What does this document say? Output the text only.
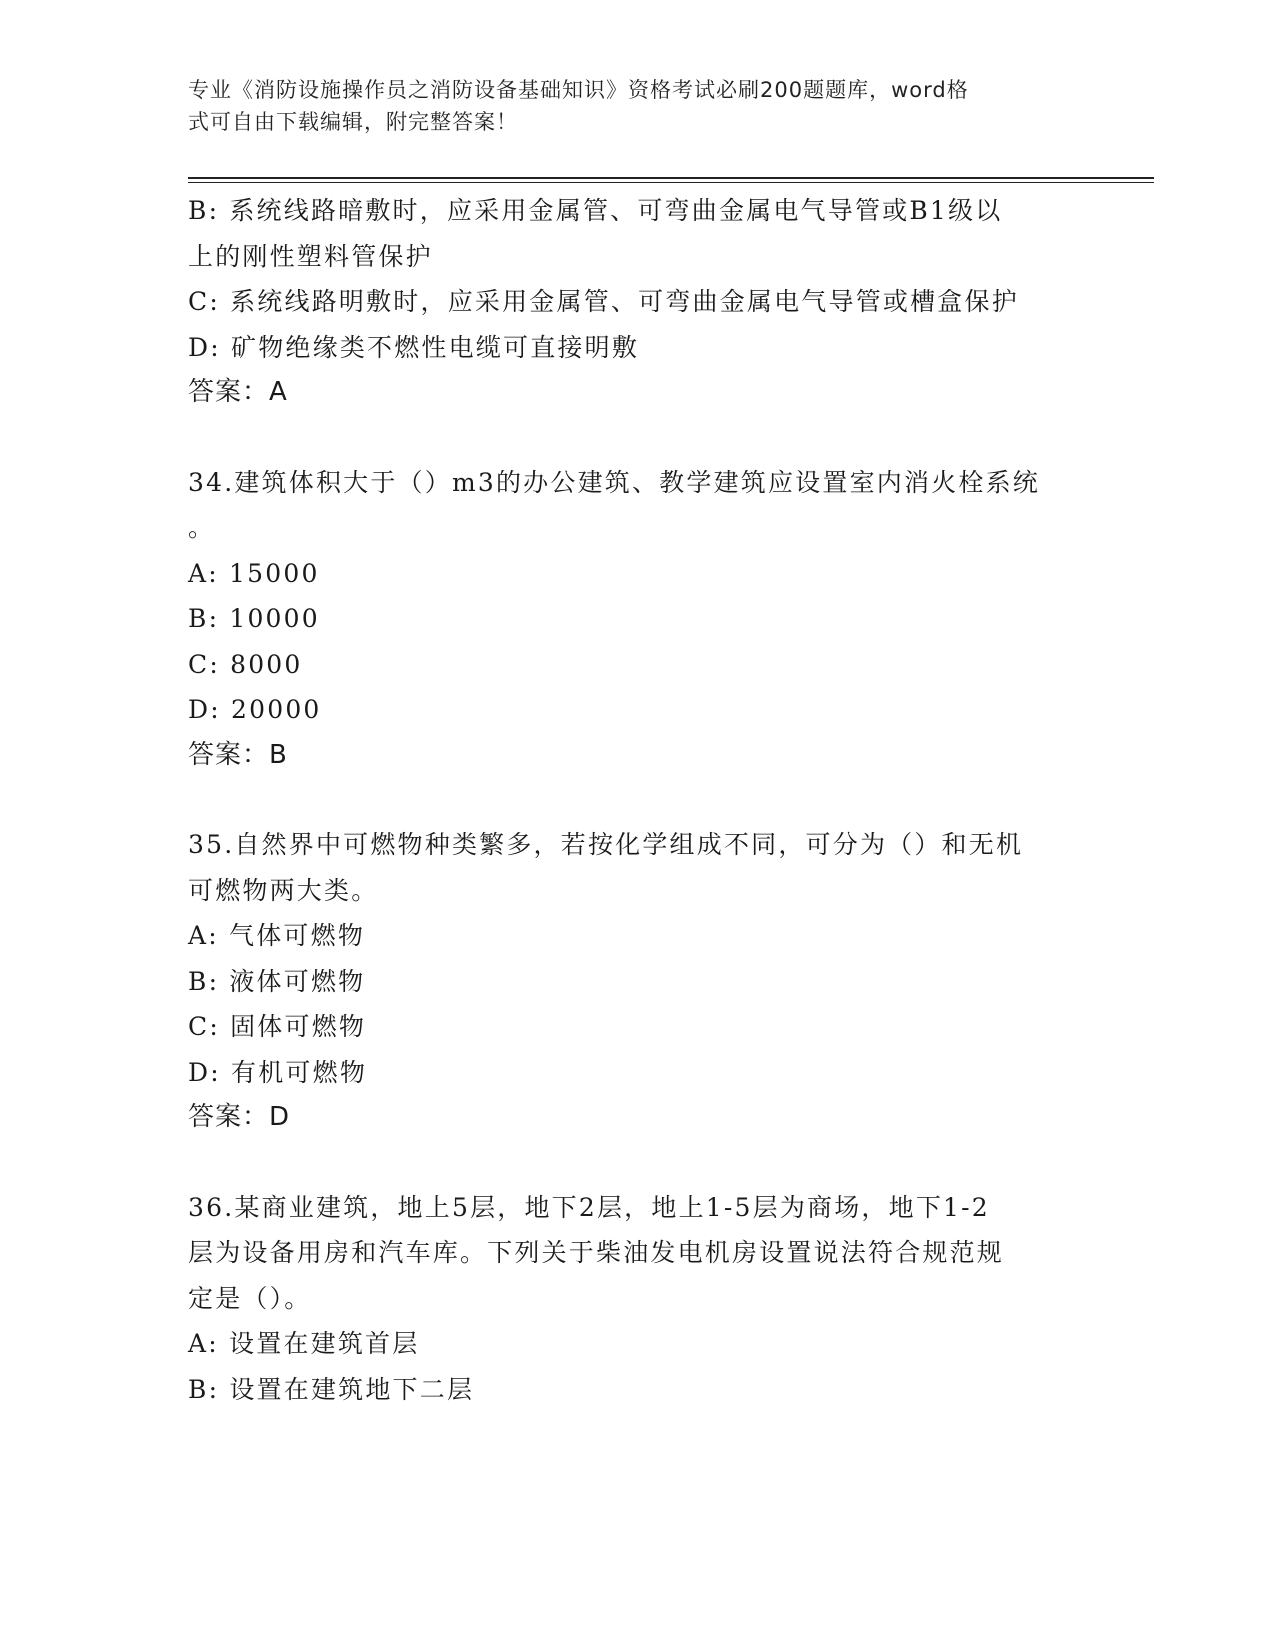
专业《消防设施操作员之消防设备基础知识》资格考试必刷200题题库，word格
式可自由下载编辑，附完整答案！
B: 系统线路暗敷时，应采用金属管、可弯曲金属电气导管或B1级以
上的刚性塑料管保护
C: 系统线路明敷时，应采用金属管、可弯曲金属电气导管或槽盒保护
D: 矿物绝缘类不燃性电缆可直接明敷
答案：A
34.建筑体积大于（）m3的办公建筑、教学建筑应设置室内消火栓系统
。
A: 15000
B: 10000
C: 8000
D: 20000
答案：B
35.自然界中可燃物种类繁多，若按化学组成不同，可分为（）和无机
可燃物两大类。
A: 气体可燃物
B: 液体可燃物
C: 固体可燃物
D: 有机可燃物
答案：D
36.某商业建筑，地上5层，地下2层，地上1-5层为商场，地下1-2
层为设备用房和汽车库。下列关于柴油发电机房设置说法符合规范规
定是（）。
A: 设置在建筑首层
B: 设置在建筑地下二层
